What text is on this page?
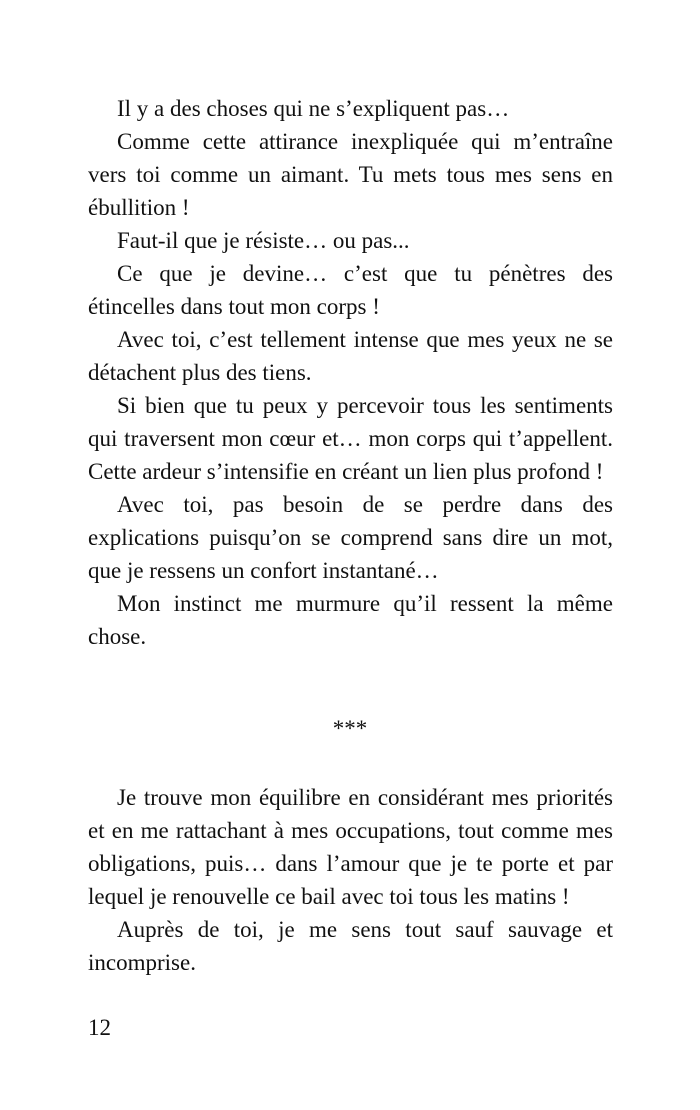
Il y a des choses qui ne s’expliquent pas…

Comme cette attirance inexpliquée qui m’entraîne vers toi comme un aimant. Tu mets tous mes sens en ébullition !

Faut-il que je résiste… ou pas...

Ce que je devine… c’est que tu pénètres des étincelles dans tout mon corps !

Avec toi, c’est tellement intense que mes yeux ne se détachent plus des tiens.

Si bien que tu peux y percevoir tous les sentiments qui traversent mon cœur et… mon corps qui t’appellent. Cette ardeur s’intensifie en créant un lien plus profond !

Avec toi, pas besoin de se perdre dans des explications puisqu’on se comprend sans dire un mot, que je ressens un confort instantané…

Mon instinct me murmure qu’il ressent la même chose.

***

Je trouve mon équilibre en considérant mes priorités et en me rattachant à mes occupations, tout comme mes obligations, puis… dans l’amour que je te porte et par lequel je renouvelle ce bail avec toi tous les matins !

Auprès de toi, je me sens tout sauf sauvage et incomprise.

12
